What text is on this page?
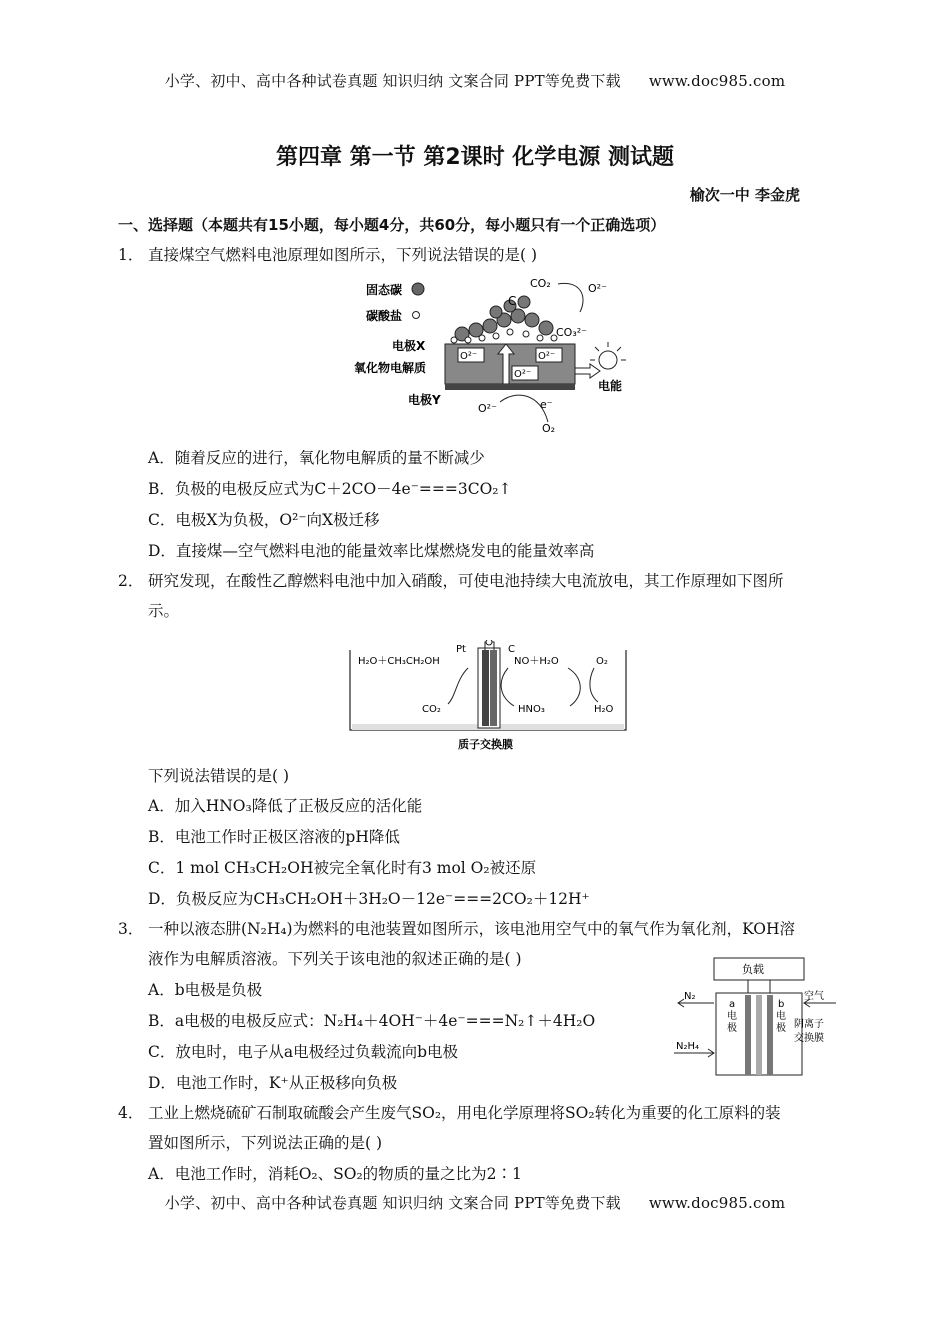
小学、初中、高中各种试卷真题 知识归纳 文案合同 PPT等免费下载 www.doc985.com
第四章 第一节 第2课时 化学电源 测试题
榆次一中 李金虎
一、选择题（本题共有15小题，每小题4分，共60分，每小题只有一个正确选项）
1． 直接煤空气燃料电池原理如图所示，下列说法错误的是( )
固态碳
碳酸盐
C
CO₂	O²⁻
CO₃²⁻
电极X
O²⁻	O²⁻
O²⁻
氧化物电解质
电极Y
O²⁻	e⁻
O₂
电能
A．随着反应的进行，氧化物电解质的量不断减少
B．负极的电极反应式为C＋2CO－4e⁻===3CO₂↑
C．电极X为负极，O²⁻向X极迁移
D．直接煤—空气燃料电池的能量效率比煤燃烧发电的能量效率高
2． 研究发现，在酸性乙醇燃料电池中加入硝酸，可使电池持续大电流放电，其工作原理如下图所
示。
Pt	C
H₂O＋CH₃CH₂OH
CO₂
NO＋H₂O
HNO₃
O₂
H₂O
质子交换膜
下列说法错误的是( )
A．加入HNO₃降低了正极反应的活化能
B．电池工作时正极区溶液的pH降低
C．1 mol CH₃CH₂OH被完全氧化时有3 mol O₂被还原
D．负极反应为CH₃CH₂OH＋3H₂O－12e⁻===2CO₂＋12H⁺
3． 一种以液态肼(N₂H₄)为燃料的电池装置如图所示，该电池用空气中的氧气作为氧化剂，KOH溶
液作为电解质溶液。下列关于该电池的叙述正确的是( )
A．b电极是负极
B．a电极的电极反应式：N₂H₄＋4OH⁻＋4e⁻===N₂↑＋4H₂O
C．放电时，电子从a电极经过负载流向b电极
D．电池工作时，K⁺从正极移向负极
负载
a
电
极
b
电
极
N₂
N₂H₄
空气
阴离子
交换膜
4． 工业上燃烧硫矿石制取硫酸会产生废气SO₂，用电化学原理将SO₂转化为重要的化工原料的装
置如图所示，下列说法正确的是( )
A．电池工作时，消耗O₂、SO₂的物质的量之比为2∶1
小学、初中、高中各种试卷真题 知识归纳 文案合同 PPT等免费下载 www.doc985.com
